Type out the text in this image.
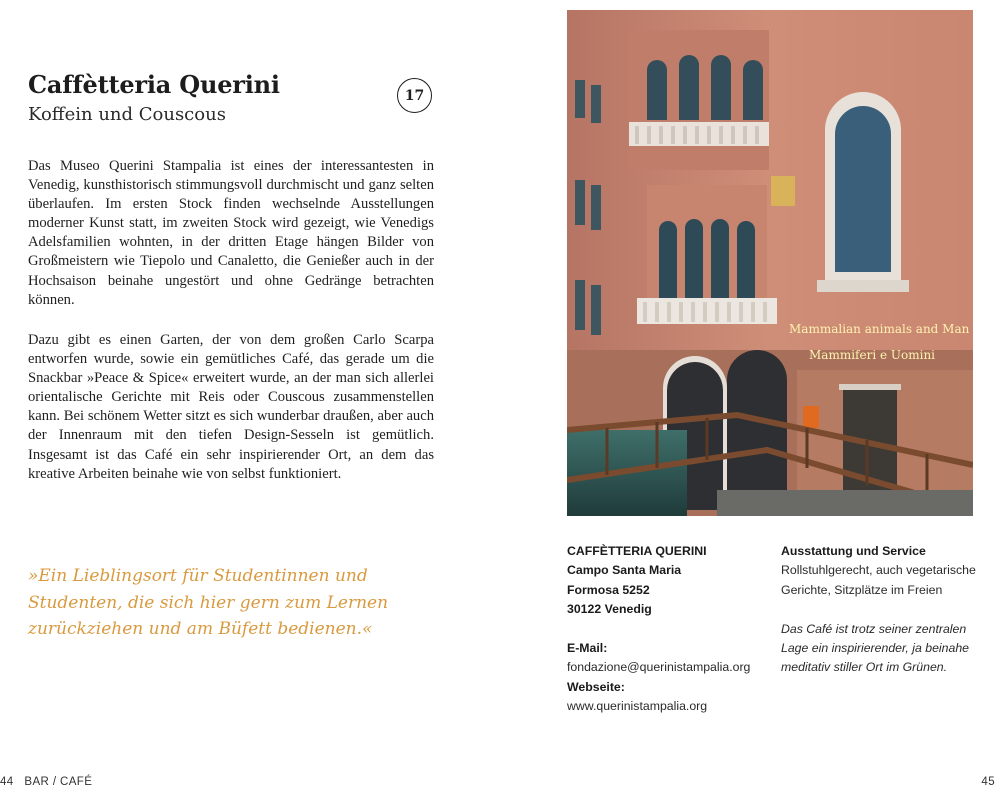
Caffètteria Querini
Koffein und Couscous
17

Das Museo Querini Stampalia ist eines der interessantesten in Venedig, kunsthistorisch stimmungsvoll durchmischt und ganz selten überlaufen. Im ersten Stock finden wechselnde Ausstellungen moderner Kunst statt, im zweiten Stock wird gezeigt, wie Venedigs Adelsfamilien wohnten, in der dritten Etage hängen Bilder von Großmeistern wie Tiepolo und Canaletto, die Genießer auch in der Hochsaison beinahe ungestört und ohne Gedränge betrachten können.

Dazu gibt es einen Garten, der von dem großen Carlo Scarpa entworfen wurde, sowie ein gemütliches Café, das gerade um die Snackbar »Peace & Spice« erweitert wurde, an der man sich allerlei orientalische Gerichte mit Reis oder Couscous zusammenstellen kann. Bei schönem Wetter sitzt es sich wunderbar draußen, aber auch der Innenraum mit den tiefen Design-Sesseln ist gemütlich. Insgesamt ist das Café ein sehr inspirierender Ort, an dem das kreative Arbeiten beinahe wie von selbst funktioniert.

»Ein Lieblingsort für Studentinnen und Studenten, die sich hier gern zum Lernen zurückziehen und am Büfett bedienen.«

44 BAR / CAFÉ
Mammalian animals and Man
Mammiferi e Uomini
CAFFÈTTERIA QUERINI
Campo Santa Maria
Formosa 5252
30122 Venedig
E-Mail:
fondazione@querinistampalia.org
Webseite:
www.querinistampalia.org
Ausstattung und Service
Rollstuhlgerecht, auch vegetarische Gerichte, Sitzplätze im Freien
Das Café ist trotz seiner zentralen Lage ein inspirierender, ja beinahe meditativ stiller Ort im Grünen.
45
